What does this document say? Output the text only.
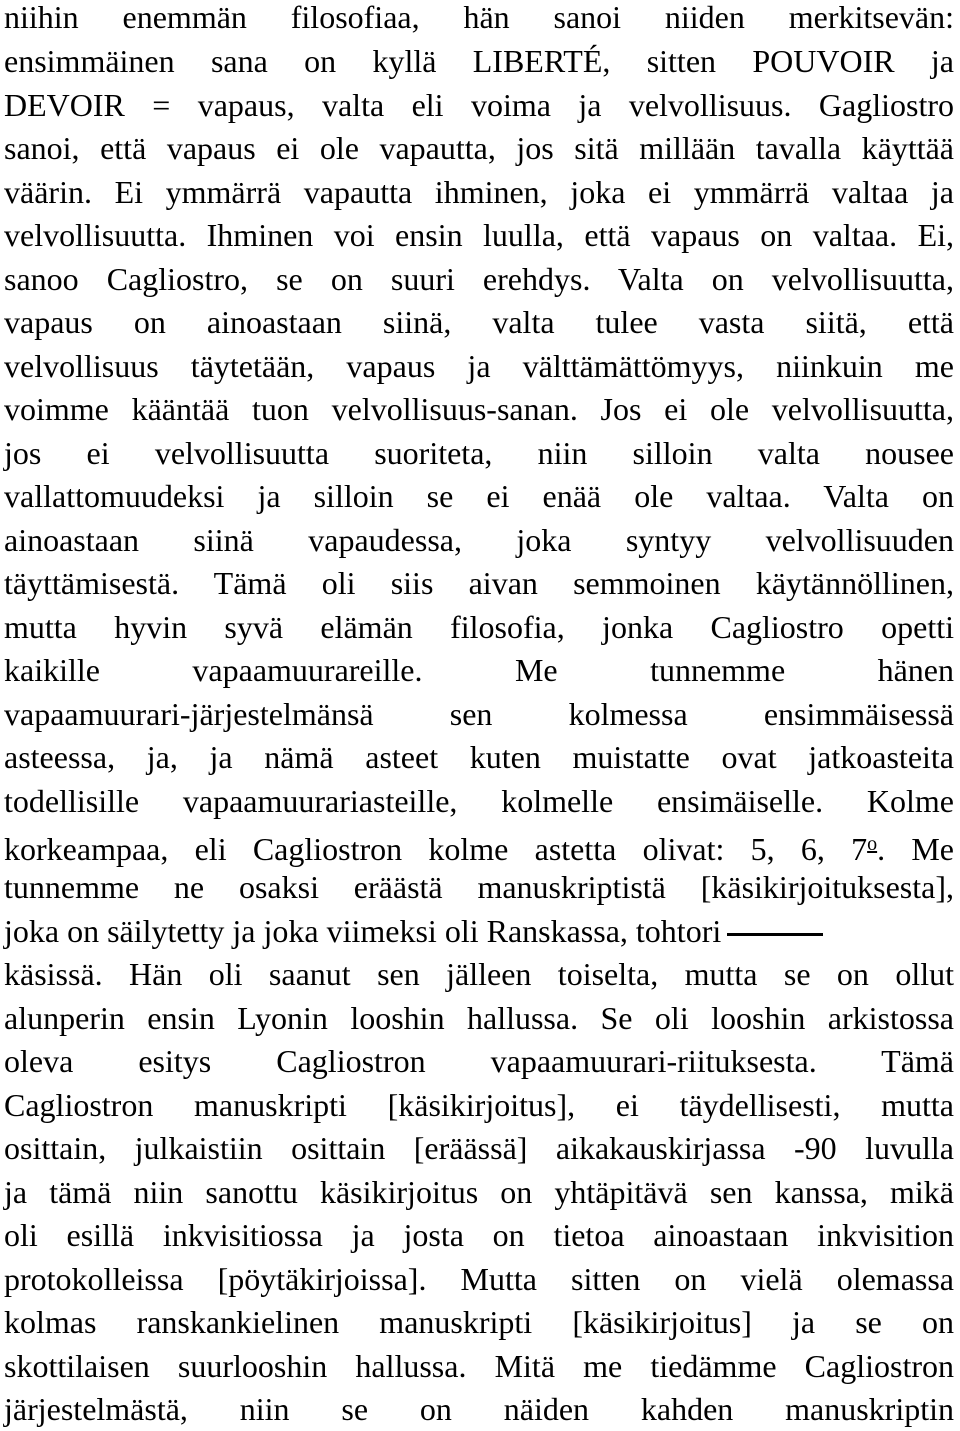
niihin enemmän filosofiaa, hän sanoi niiden merkitsevän:
ensimmäinen sana on kyllä LIBERTÉ, sitten POUVOIR ja
DEVOIR = vapaus, valta eli voima ja velvollisuus. Gagliostro
sanoi, että vapaus ei ole vapautta, jos sitä millään tavalla käyttää
väärin. Ei ymmärrä vapautta ihminen, joka ei ymmärrä valtaa ja
velvollisuutta. Ihminen voi ensin luulla, että vapaus on valtaa. Ei,
sanoo Cagliostro, se on suuri erehdys. Valta on velvollisuutta,
vapaus on ainoastaan siinä, valta tulee vasta siitä, että
velvollisuus täytetään, vapaus ja välttämättömyys, niinkuin me
voimme kääntää tuon velvollisuus-sanan. Jos ei ole velvollisuutta,
jos ei velvollisuutta suoriteta, niin silloin valta nousee
vallattomuudeksi ja silloin se ei enää ole valtaa. Valta on
ainoastaan siinä vapaudessa, joka syntyy velvollisuuden
täyttämisestä. Tämä oli siis aivan semmoinen käytännöllinen,
mutta hyvin syvä elämän filosofia, jonka Cagliostro opetti
kaikille vapaamuurareille. Me tunnemme hänen
vapaamuurari-järjestelmänsä sen kolmessa ensimmäisessä
asteessa, ja, ja nämä asteet kuten muistatte ovat jatkoasteita
todellisille vapaamuurariasteille, kolmelle ensimäiselle. Kolme
korkeampaa, eli Cagliostron kolme astetta olivat: 5, 6, 7$^o$. Me
tunnemme ne osaksi eräästä manuskriptistä [käsikirjoituksesta],
joka on säilytetty ja joka viimeksi oli Ranskassa, tohtori
käsissä. Hän oli saanut sen jälleen toiselta, mutta se on ollut
alunperin ensin Lyonin looshin hallussa. Se oli looshin arkistossa
oleva esitys Cagliostron vapaamuurari-riituksesta. Tämä
Cagliostron manuskripti [käsikirjoitus], ei täydellisesti, mutta
osittain, julkaistiin osittain [eräässä] aikakauskirjassa -90 luvulla
ja tämä niin sanottu käsikirjoitus on yhtäpitävä sen kanssa, mikä
oli esillä inkvisitiossa ja josta on tietoa ainoastaan inkvisition
protokolleissa [pöytäkirjoissa]. Mutta sitten on vielä olemassa
kolmas ranskankielinen manuskripti [käsikirjoitus] ja se on
skottilaisen suurlooshin hallussa. Mitä me tiedämme Cagliostron
järjestelmästä, niin se on näiden kahden manuskriptin
